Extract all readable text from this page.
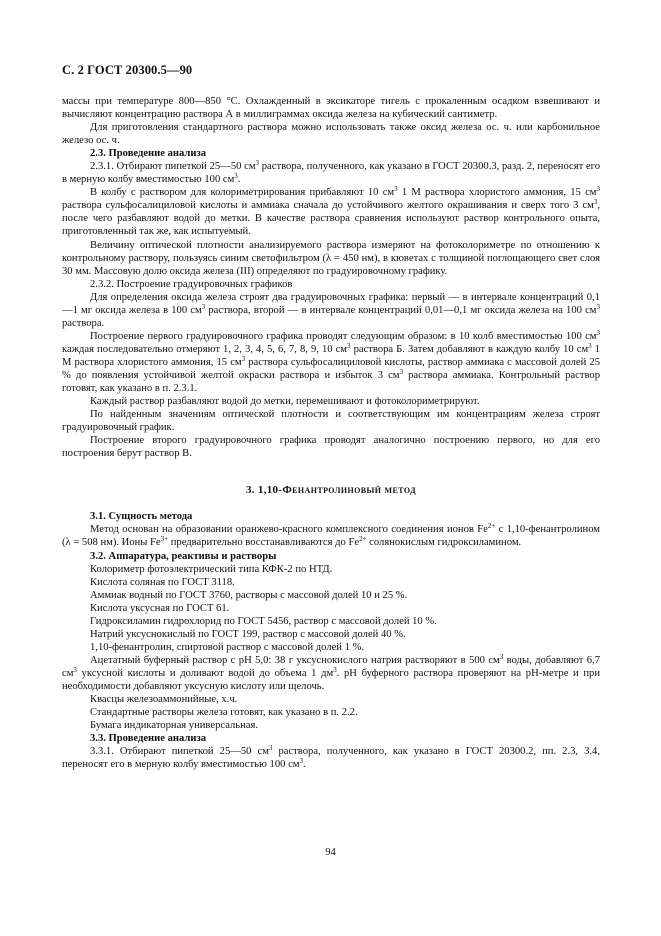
С. 2 ГОСТ 20300.5—90

массы при температуре 800—850 °С. Охлажденный в эксикаторе тигель с прокаленным осадком взвешивают и вычисляют концентрацию раствора А в миллиграммах оксида железа на кубический сантиметр.

Для приготовления стандартного раствора можно использовать также оксид железа ос. ч. или карбонильное железо ос. ч.

2.3. Проведение анализа

2.3.1. Отбирают пипеткой 25—50 $см^3$ раствора, полученного, как указано в ГОСТ 20300.3, разд. 2, переносят его в мерную колбу вместимостью 100 $см^3$.

В колбу с раствором для колориметрирования прибавляют 10 $см^3$ 1 М раствора хлористого аммония, 15 $см^3$ раствора сульфосалициловой кислоты и аммиака сначала до устойчивого желтого окрашивания и сверх того 3 $см^3$, после чего разбавляют водой до метки. В качестве раствора сравнения используют раствор контрольного опыта, приготовленный так же, как испытуемый.

Величину оптической плотности анализируемого раствора измеряют на фотоколориметре по отношению к контрольному раствору, пользуясь синим светофильтром (λ = 450 нм), в кюветах с толщиной поглощающего свет слоя 30 мм. Массовую долю оксида железа (III) определяют по градуировочному графику.

2.3.2. Построение градуировочных графиков

Для определения оксида железа строят два градуировочных графика: первый — в интервале концентраций 0,1—1 мг оксида железа в 100 $см^3$ раствора, второй — в интервале концентраций 0,01—0,1 мг оксида железа на 100 $см^3$ раствора.

Построение первого градуировочного графика проводят следующим образом: в 10 колб вместимостью 100 $см^3$ каждая последовательно отмеряют 1, 2, 3, 4, 5, 6, 7, 8, 9, 10 $см^3$ раствора Б. Затем добавляют в каждую колбу 10 $см^3$ 1 М раствора хлористого аммония, 15 $см^3$ раствора сульфосалициловой кислоты, раствор аммиака с массовой долей 25 % до появления устойчивой желтой окраски раствора и избыток 3 $см^3$ раствора аммиака. Контрольный раствор готовят, как указано в п. 2.3.1.

Каждый раствор разбавляют водой до метки, перемешивают и фотоколориметрируют.

По найденным значениям оптической плотности и соответствующим им концентрациям железа строят градуировочный график.

Построение второго градуировочного графика проводят аналогично построению первого, но для его построения берут раствор В.

3. 1,10-Фенантролиновый метод

3.1. Сущность метода

Метод основан на образовании оранжево-красного комплексного соединения ионов $Fe^{2+}$ с 1,10-фенантролином (λ = 508 нм). Ионы $Fe^{3+}$ предварительно восстанавливаются до $Fe^{2+}$ солянокислым гидроксиламином.

3.2. Аппаратура, реактивы и растворы

Колориметр фотоэлектрический типа КФК-2 по НТД.

Кислота соляная по ГОСТ 3118.

Аммиак водный по ГОСТ 3760, растворы с массовой долей 10 и 25 %.

Кислота уксусная по ГОСТ 61.

Гидроксиламин гидрохлорид по ГОСТ 5456, раствор с массовой долей 10 %.

Натрий уксуснокислый по ГОСТ 199, раствор с массовой долей 40 %.

1,10-фенантролин, спиртовой раствор с массовой долей 1 %.

Ацетатный буферный раствор с pH 5,0: 38 г уксуснокислого натрия растворяют в 500 $см^3$ воды, добавляют 6,7 $см^3$ уксусной кислоты и доливают водой до объема 1 $дм^3$. pH буферного раствора проверяют на pH-метре и при необходимости добавляют уксусную кислоту или щелочь.

Квасцы железоаммонийные, х.ч.

Стандартные растворы железа готовят, как указано в п. 2.2.

Бумага индикаторная универсальная.

3.3. Проведение анализа

3.3.1. Отбирают пипеткой 25—50 $см^3$ раствора, полученного, как указано в ГОСТ 20300.2, пп. 2.3, 3.4, переносят его в мерную колбу вместимостью 100 $см^3$.

94
